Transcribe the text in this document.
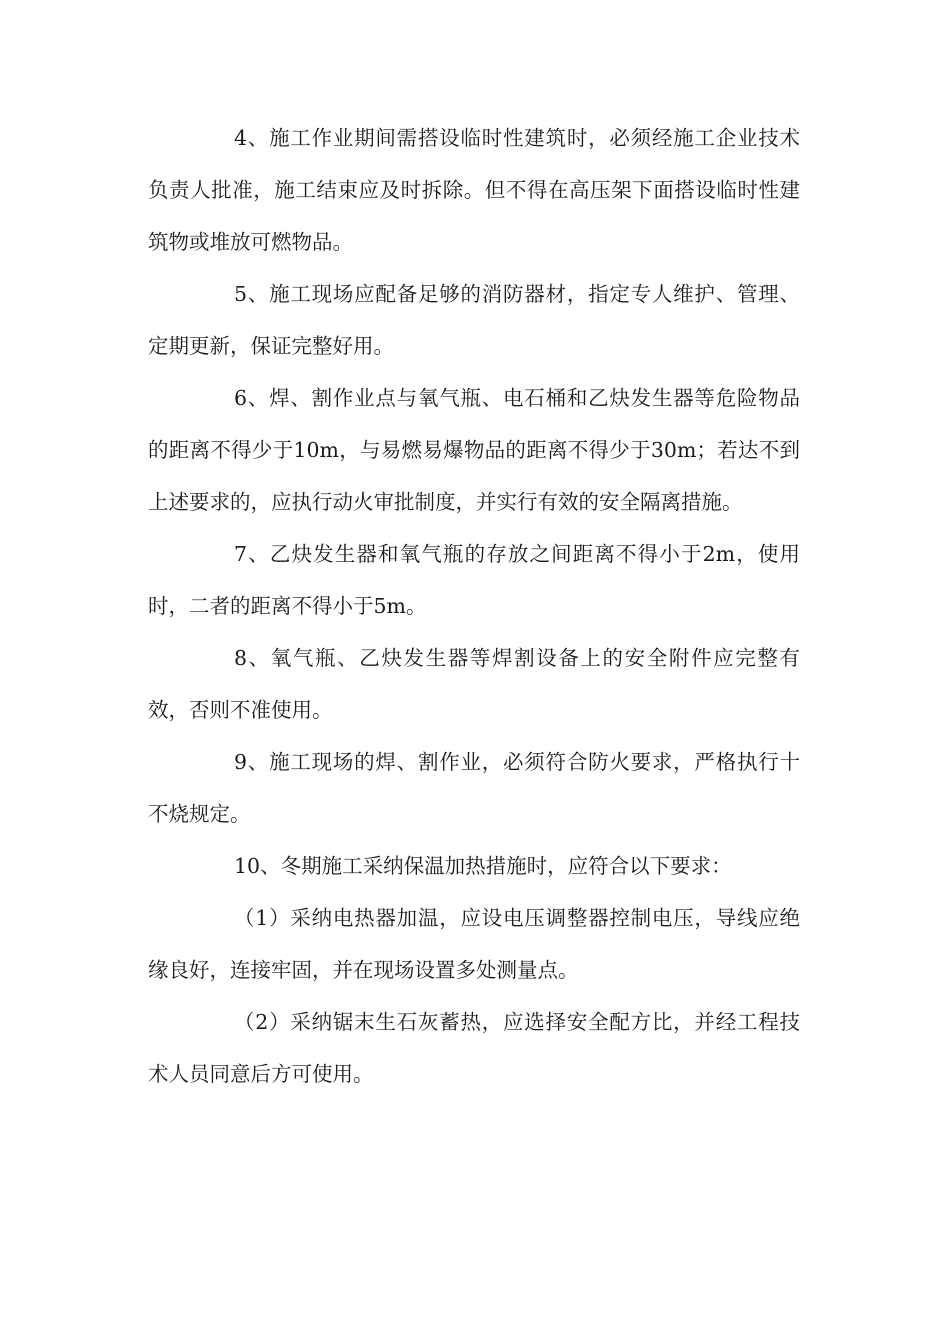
4、施工作业期间需搭设临时性建筑时，必须经施工企业技术负责人批准，施工结束应及时拆除。但不得在高压架下面搭设临时性建筑物或堆放可燃物品。

5、施工现场应配备足够的消防器材，指定专人维护、管理、定期更新，保证完整好用。

6、焊、割作业点与氧气瓶、电石桶和乙炔发生器等危险物品的距离不得少于10m，与易燃易爆物品的距离不得少于30m；若达不到上述要求的，应执行动火审批制度，并实行有效的安全隔离措施。

7、乙炔发生器和氧气瓶的存放之间距离不得小于2m，使用时，二者的距离不得小于5m。

8、氧气瓶、乙炔发生器等焊割设备上的安全附件应完整有效，否则不准使用。

9、施工现场的焊、割作业，必须符合防火要求，严格执行十不烧规定。

10、冬期施工采纳保温加热措施时，应符合以下要求：

（1）采纳电热器加温，应设电压调整器控制电压，导线应绝缘良好，连接牢固，并在现场设置多处测量点。

（2）采纳锯末生石灰蓄热，应选择安全配方比，并经工程技术人员同意后方可使用。
